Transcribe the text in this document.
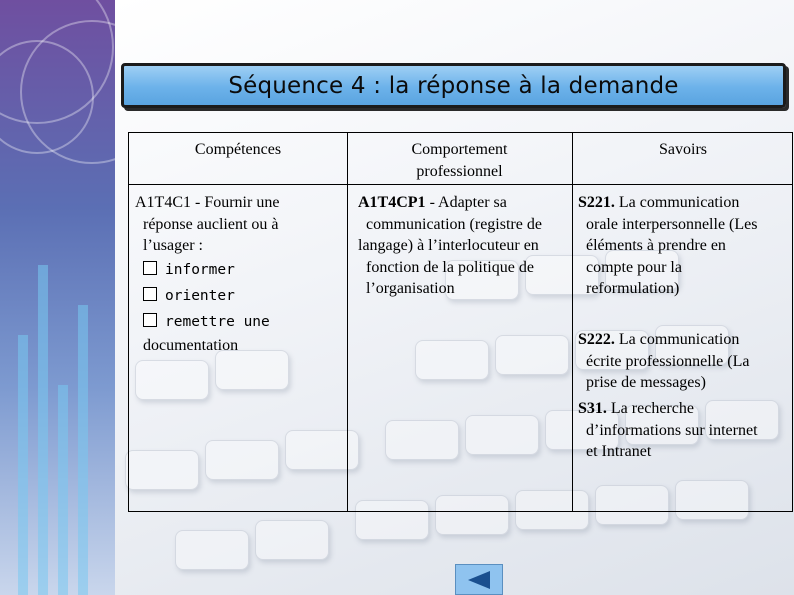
Séquence 4 : la réponse à la demande
Compétences	Comportement
professionnel
Savoirs
A1T4C1 - Fournir une
réponse auclient ou à
l’usager :
informer
orienter
remettre une
documentation
A1T4CP1 - Adapter sa
communication (registre de
langage) à l’interlocuteur en
fonction de la politique de
l’organisation
S221. La communication
orale interpersonnelle (Les
éléments à prendre en
compte pour la
reformulation)
S222. La communication
écrite professionnelle (La
prise de messages)
S31. La recherche
d’informations sur internet
et Intranet
